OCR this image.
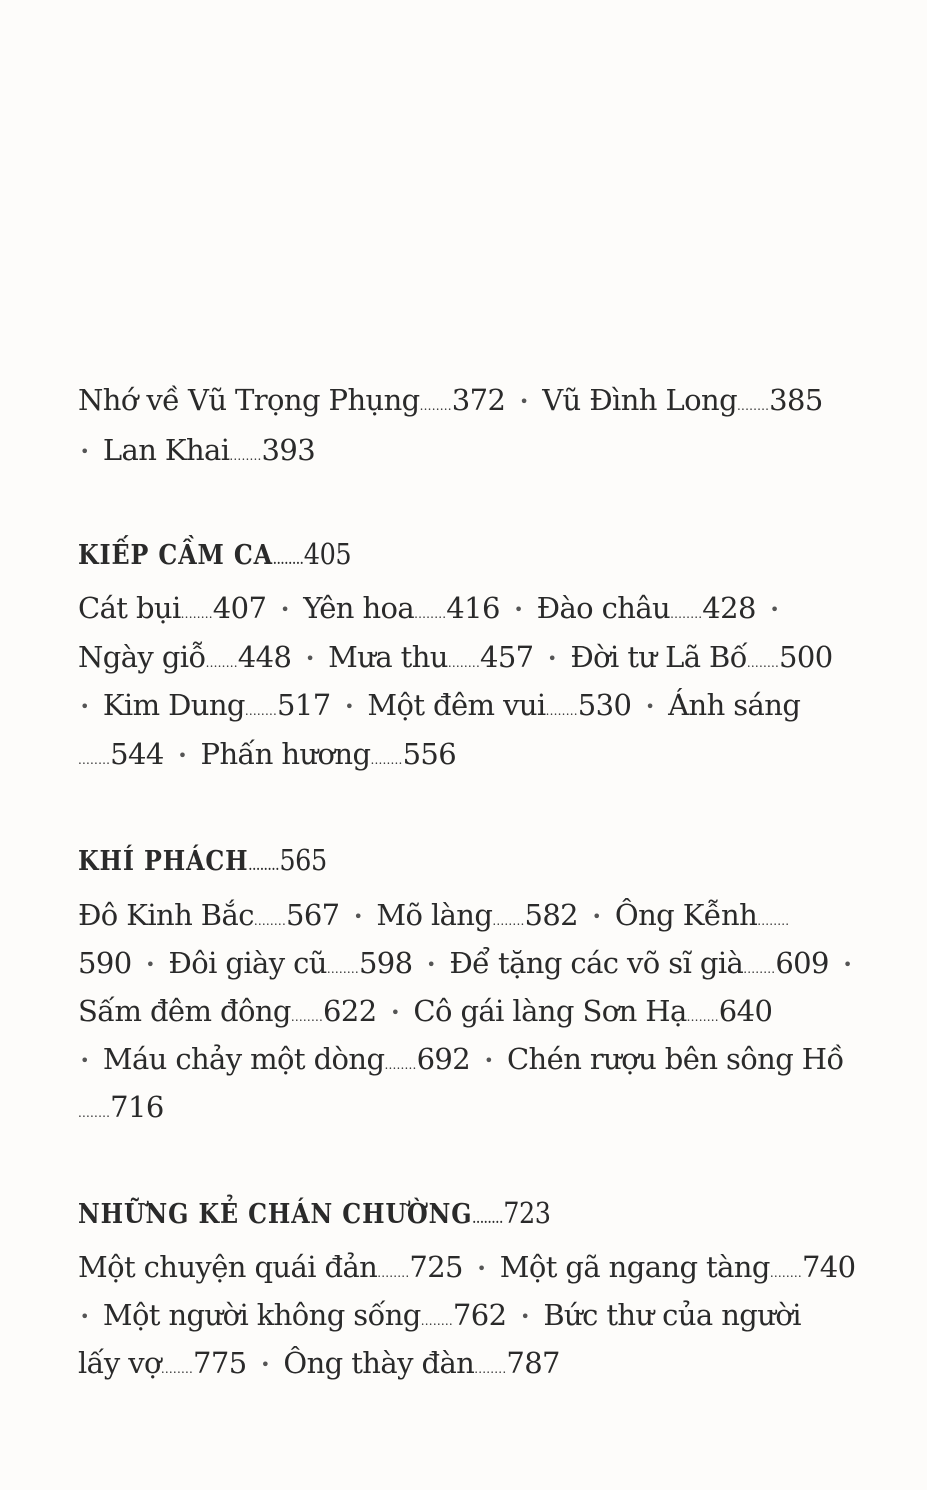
Nhớ về Vũ Trọng Phụng........372 • Vũ Đình Long........385
• Lan Khai........393
KIẾP CẦM CA........405
Cát bụi........407 • Yên hoa........416 • Đào châu........428 •
Ngày giỗ........448 • Mưa thu........457 • Đời tư Lã Bố........500
• Kim Dung........517 • Một đêm vui........530 • Ánh sáng
........544 • Phấn hương........556
KHÍ PHÁCH........565
Đô Kinh Bắc........567 • Mõ làng........582 • Ông Kễnh........
590 • Đôi giày cũ........598 • Để tặng các võ sĩ già........609 •
Sấm đêm đông........622 • Cô gái làng Sơn Hạ........640
• Máu chảy một dòng........692 • Chén rượu bên sông Hồ
........716
NHỮNG KẺ CHÁN CHƯỜNG........723
Một chuyện quái đản........725 • Một gã ngang tàng........740
• Một người không sống........762 • Bức thư của người
lấy vợ........775 • Ông thày đàn........787
